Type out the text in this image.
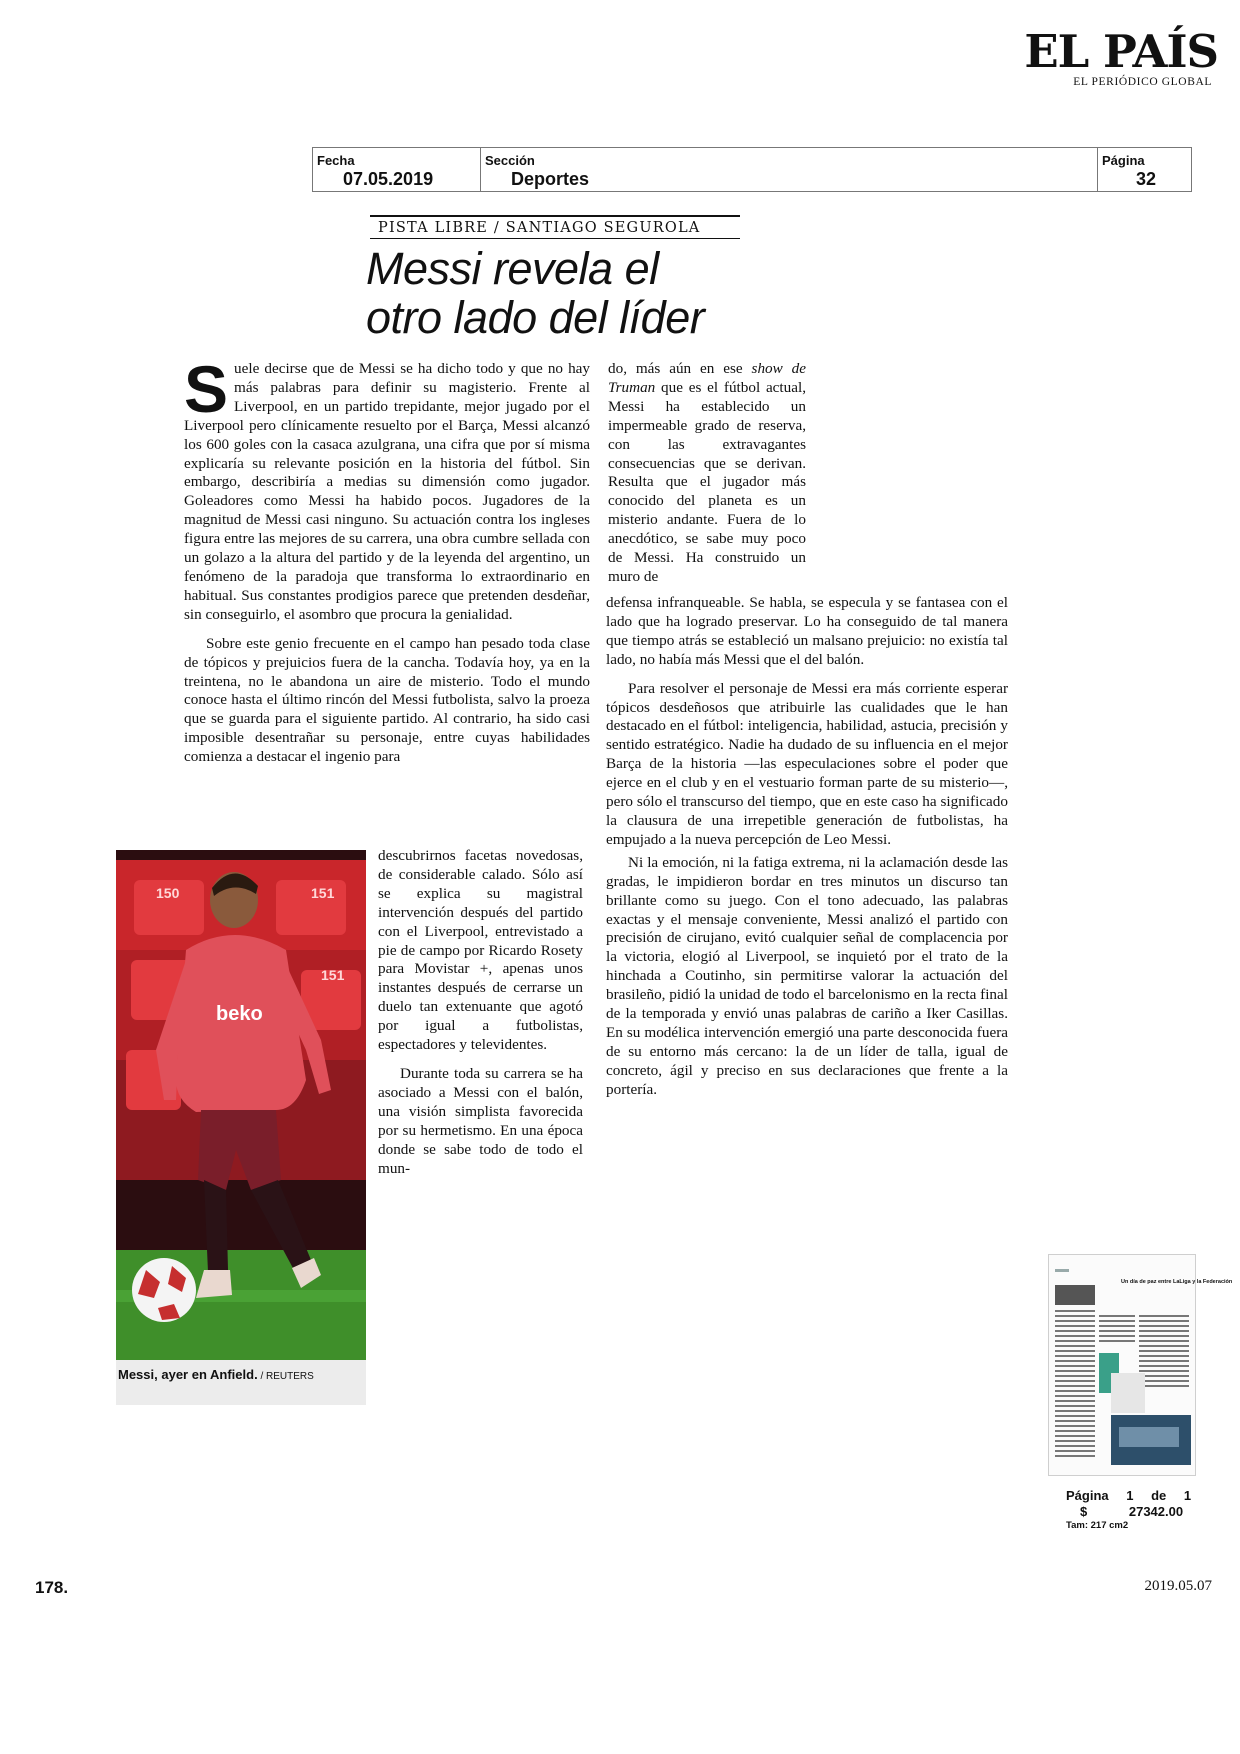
EL PAÍS
EL PERIÓDICO GLOBAL
Fecha
07.05.2019
Sección
Deportes
Página
32
PISTA LIBRE / SANTIAGO SEGUROLA
Messi revela el
otro lado del líder

Suele decirse que de Messi se ha dicho todo y que no hay más palabras para definir su magisterio. Frente al Liverpool, en un partido trepidante, mejor jugado por el Liverpool pero clínicamente resuelto por el Barça, Messi alcanzó los 600 goles con la casaca azulgrana, una cifra que por sí misma explicaría su relevante posición en la historia del fútbol. Sin embargo, describiría a medias su dimensión como jugador. Goleadores como Messi ha habido pocos. Jugadores de la magnitud de Messi casi ninguno. Su actuación contra los ingleses figura entre las mejores de su carrera, una obra cumbre sellada con un golazo a la altura del partido y de la leyenda del argentino, un fenómeno de la paradoja que transforma lo extraordinario en habitual. Sus constantes prodigios parece que pretenden desdeñar, sin conseguirlo, el asombro que procura la genialidad.

Sobre este genio frecuente en el campo han pesado toda clase de tópicos y prejuicios fuera de la cancha. Todavía hoy, ya en la treintena, no le abandona un aire de misterio. Todo el mundo conoce hasta el último rincón del Messi futbolista, salvo la proeza que se guarda para el siguiente partido. Al contrario, ha sido casi imposible desentrañar su personaje, entre cuyas habilidades comienza a destacar el ingenio para

do, más aún en ese show de Truman que es el fútbol actual, Messi ha establecido un impermeable grado de reserva, con las extravagantes consecuencias que se derivan. Resulta que el jugador más conocido del planeta es un misterio andante. Fuera de lo anecdótico, se sabe muy poco de Messi. Ha construido un muro de

descubrirnos facetas novedosas, de considerable calado. Sólo así se explica su magistral intervención después del partido con el Liverpool, entrevistado a pie de campo por Ricardo Rosety para Movistar +, apenas unos instantes después de cerrarse un duelo tan extenuante que agotó por igual a futbolistas, espectadores y televidentes.

Durante toda su carrera se ha asociado a Messi con el balón, una visión simplista favorecida por su hermetismo. En una época donde se sabe todo de todo el mun-

defensa infranqueable. Se habla, se especula y se fantasea con el lado que ha logrado preservar. Lo ha conseguido de tal manera que tiempo atrás se estableció un malsano prejuicio: no existía tal lado, no había más Messi que el del balón.

Para resolver el personaje de Messi era más corriente esperar tópicos desdeñosos que atribuirle las cualidades que le han destacado en el fútbol: inteligencia, habilidad, astucia, precisión y sentido estratégico. Nadie ha dudado de su influencia en el mejor Barça de la historia —las especulaciones sobre el poder que ejerce en el club y en el vestuario forman parte de su misterio—, pero sólo el transcurso del tiempo, que en este caso ha significado la clausura de una irrepetible generación de futbolistas, ha empujado a la nueva percepción de Leo Messi.

Ni la emoción, ni la fatiga extrema, ni la aclamación desde las gradas, le impidieron bordar en tres minutos un discurso tan brillante como su juego. Con el tono adecuado, las palabras exactas y el mensaje conveniente, Messi analizó el partido con precisión de cirujano, evitó cualquier señal de complacencia por la victoria, elogió al Liverpool, se inquietó por el trato de la hinchada a Coutinho, sin permitirse valorar la actuación del brasileño, pidió la unidad de todo el barcelonismo en la recta final de la temporada y envió unas palabras de cariño a Iker Casillas. En su modélica intervención emergió una parte desconocida fuera de su entorno más cercano: la de un líder de talla, igual de concreto, ágil y preciso en sus declaraciones que frente a la portería.

150	151
151
beko
Messi, ayer en Anfield. / REUTERS
Un día de paz entre LaLiga y la Federación
Página 1 de 1
$	27342.00
Tam: 217 cm2
178.	2019.05.07
